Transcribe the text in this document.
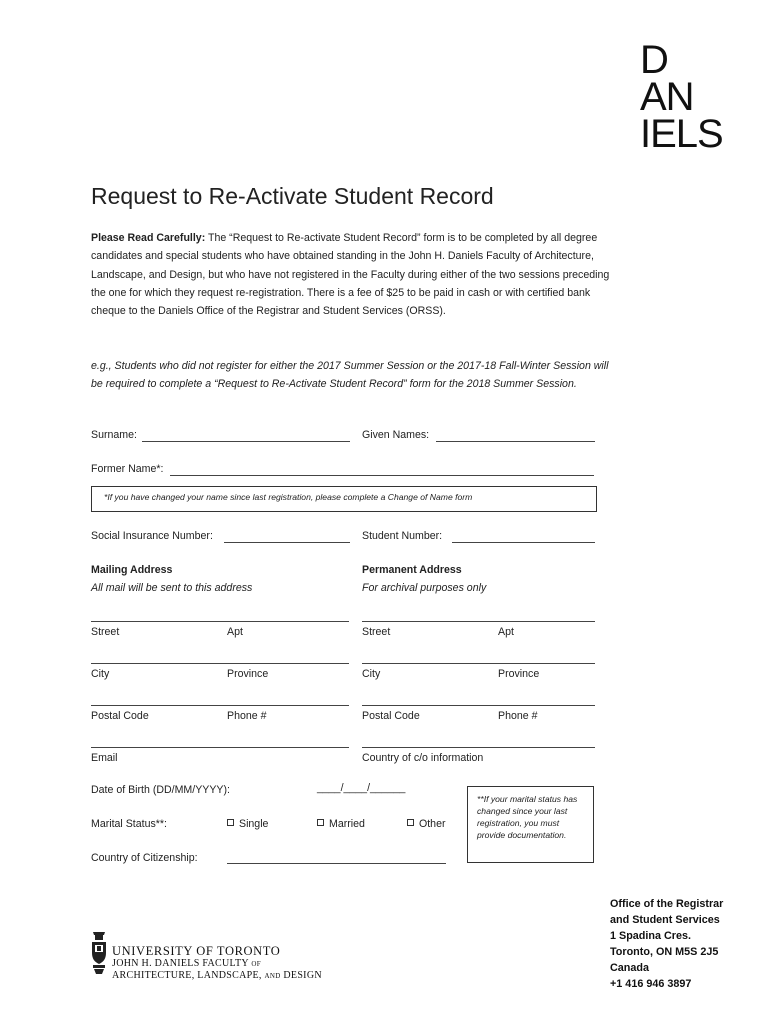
D
AN
IELS
Request to Re-Activate Student Record
Please Read Carefully: The “Request to Re-activate Student Record” form is to be completed by all degree candidates and special students who have obtained standing in the John H. Daniels Faculty of Architecture, Landscape, and Design, but who have not registered in the Faculty during either of the two sessions preceding the one for which they request re-registration. There is a fee of $25 to be paid in cash or with certified bank cheque to the Daniels Office of the Registrar and Student Services (ORSS).
e.g., Students who did not register for either the 2017 Summer Session or the 2017-18 Fall-Winter Session will be required to complete a “Request to Re-Activate Student Record” form for the 2018 Summer Session.
Surname:	Given Names:
Former Name*:
*If you have changed your name since last registration, please complete a Change of Name form
Social Insurance Number:	Student Number:
Mailing Address
All mail will be sent to this address
Permanent Address
For archival purposes only
Street	Apt	Street	Apt
City	Province	City	Province
Postal Code	Phone #	Postal Code	Phone #
Email	Country of c/o information
Date of Birth (DD/MM/YYYY):	____/____/______
Marital Status**:	Single	Married	Other
**If your marital status has changed since your last registration, you must provide documentation.
Country of Citizenship:
Office of the Registrar
and Student Services
1 Spadina Cres.
Toronto, ON M5S 2J5
Canada
+1 416 946 3897
UNIVERSITY OF TORONTO
JOHN H. DANIELS FACULTY OF
ARCHITECTURE, LANDSCAPE, AND DESIGN
